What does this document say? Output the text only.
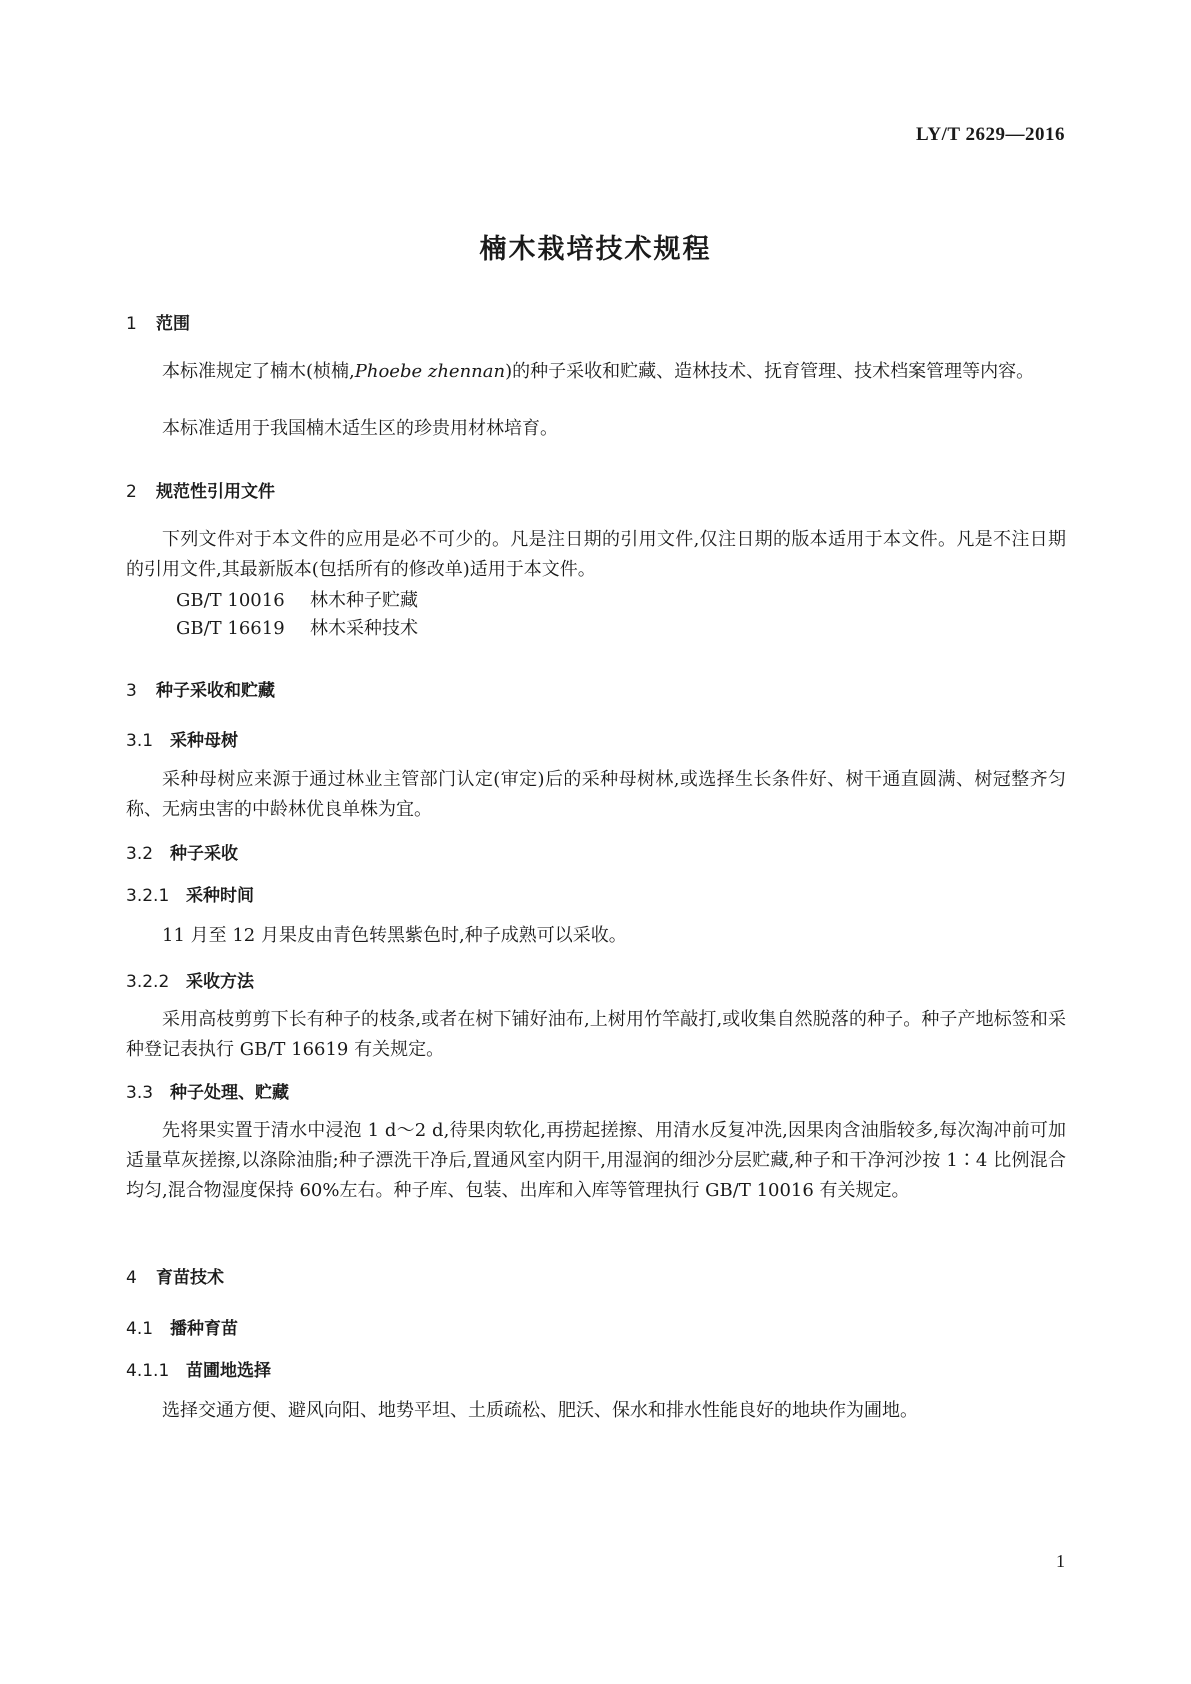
LY/T 2629—2016
楠木栽培技术规程
1 范围
本标准规定了楠木(桢楠,Phoebe zhennan)的种子采收和贮藏、造林技术、抚育管理、技术档案管理等内容。
本标准适用于我国楠木适生区的珍贵用材林培育。
2 规范性引用文件
下列文件对于本文件的应用是必不可少的。凡是注日期的引用文件,仅注日期的版本适用于本文件。凡是不注日期的引用文件,其最新版本(包括所有的修改单)适用于本文件。
GB/T 10016 林木种子贮藏
GB/T 16619 林木采种技术
3 种子采收和贮藏
3.1 采种母树
采种母树应来源于通过林业主管部门认定(审定)后的采种母树林,或选择生长条件好、树干通直圆满、树冠整齐匀称、无病虫害的中龄林优良单株为宜。
3.2 种子采收
3.2.1 采种时间
11 月至 12 月果皮由青色转黑紫色时,种子成熟可以采收。
3.2.2 采收方法
采用高枝剪剪下长有种子的枝条,或者在树下铺好油布,上树用竹竿敲打,或收集自然脱落的种子。种子产地标签和采种登记表执行 GB/T 16619 有关规定。
3.3 种子处理、贮藏
先将果实置于清水中浸泡 1 d～2 d,待果肉软化,再捞起搓擦、用清水反复冲洗,因果肉含油脂较多,每次淘冲前可加适量草灰搓擦,以涤除油脂;种子漂洗干净后,置通风室内阴干,用湿润的细沙分层贮藏,种子和干净河沙按 1∶4 比例混合均匀,混合物湿度保持 60%左右。种子库、包装、出库和入库等管理执行 GB/T 10016 有关规定。
4 育苗技术
4.1 播种育苗
4.1.1 苗圃地选择
选择交通方便、避风向阳、地势平坦、土质疏松、肥沃、保水和排水性能良好的地块作为圃地。
1
